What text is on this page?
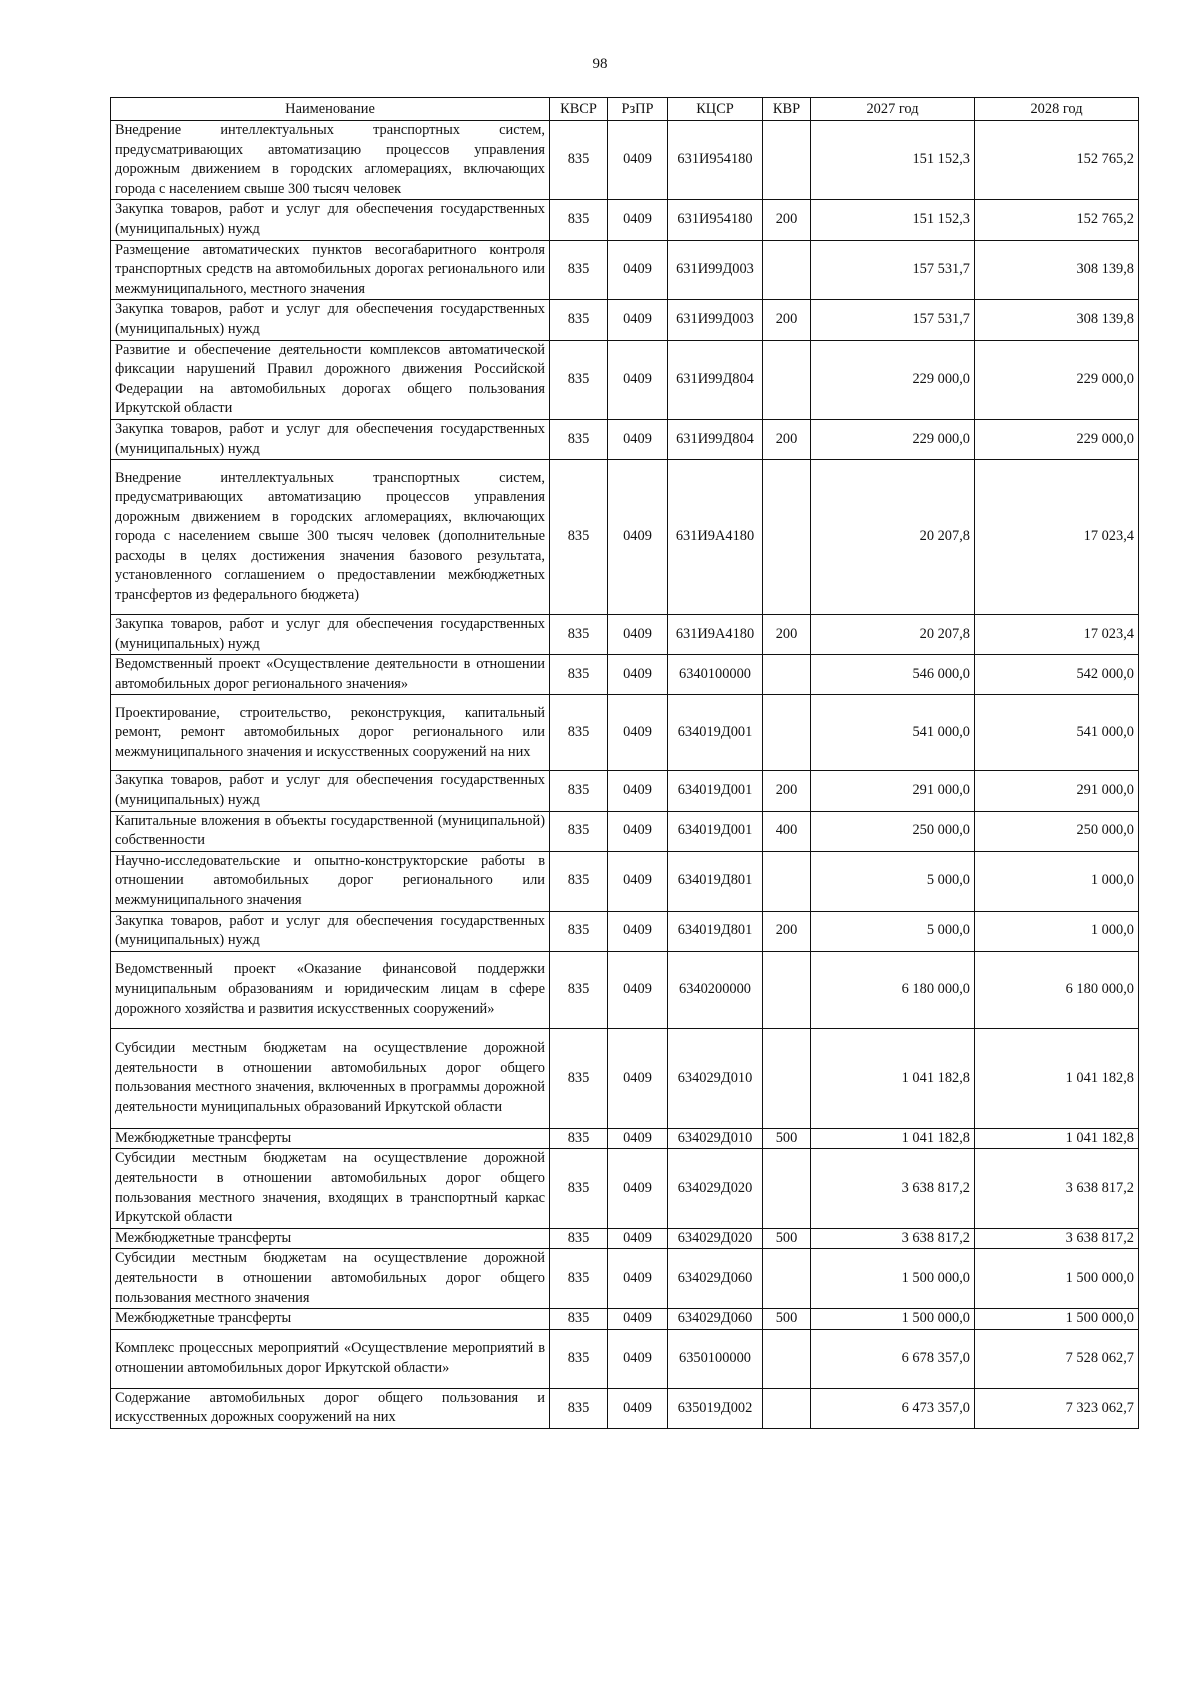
98
Наименование	КВСР	РзПР	КЦСР	КВР	2027 год	2028 год
Внедрение интеллектуальных транспортных систем, предусматривающих автоматизацию процессов управления дорожным движением в городских агломерациях, включающих города с населением свыше 300 тысяч человек	835	0409	631И954180		151 152,3	152 765,2
Закупка товаров, работ и услуг для обеспечения государственных (муниципальных) нужд	835	0409	631И954180	200	151 152,3	152 765,2
Размещение автоматических пунктов весогабаритного контроля транспортных средств на автомобильных дорогах регионального или межмуниципального, местного значения	835	0409	631И99Д003		157 531,7	308 139,8
Закупка товаров, работ и услуг для обеспечения государственных (муниципальных) нужд	835	0409	631И99Д003	200	157 531,7	308 139,8
Развитие и обеспечение деятельности комплексов автоматической фиксации нарушений Правил дорожного движения Российской Федерации на автомобильных дорогах общего пользования Иркутской области	835	0409	631И99Д804		229 000,0	229 000,0
Закупка товаров, работ и услуг для обеспечения государственных (муниципальных) нужд	835	0409	631И99Д804	200	229 000,0	229 000,0
Внедрение интеллектуальных транспортных систем, предусматривающих автоматизацию процессов управления дорожным движением в городских агломерациях, включающих города с населением свыше 300 тысяч человек (дополнительные расходы в целях достижения значения базового результата, установленного соглашением о предоставлении межбюджетных трансфертов из федерального бюджета)	835	0409	631И9А4180		20 207,8	17 023,4
Закупка товаров, работ и услуг для обеспечения государственных (муниципальных) нужд	835	0409	631И9А4180	200	20 207,8	17 023,4
Ведомственный проект «Осуществление деятельности в отношении автомобильных дорог регионального значения»	835	0409	6340100000		546 000,0	542 000,0
Проектирование, строительство, реконструкция, капитальный ремонт, ремонт автомобильных дорог регионального или межмуниципального значения и искусственных сооружений на них	835	0409	634019Д001		541 000,0	541 000,0
Закупка товаров, работ и услуг для обеспечения государственных (муниципальных) нужд	835	0409	634019Д001	200	291 000,0	291 000,0
Капитальные вложения в объекты государственной (муниципальной) собственности	835	0409	634019Д001	400	250 000,0	250 000,0
Научно-исследовательские и опытно-конструкторские работы в отношении автомобильных дорог регионального или межмуниципального значения	835	0409	634019Д801		5 000,0	1 000,0
Закупка товаров, работ и услуг для обеспечения государственных (муниципальных) нужд	835	0409	634019Д801	200	5 000,0	1 000,0
Ведомственный проект «Оказание финансовой поддержки муниципальным образованиям и юридическим лицам в сфере дорожного хозяйства и развития искусственных сооружений»	835	0409	6340200000		6 180 000,0	6 180 000,0
Субсидии местным бюджетам на осуществление дорожной деятельности в отношении автомобильных дорог общего пользования местного значения, включенных в программы дорожной деятельности муниципальных образований Иркутской области	835	0409	634029Д010		1 041 182,8	1 041 182,8
Межбюджетные трансферты	835	0409	634029Д010	500	1 041 182,8	1 041 182,8
Субсидии местным бюджетам на осуществление дорожной деятельности в отношении автомобильных дорог общего пользования местного значения, входящих в транспортный каркас Иркутской области	835	0409	634029Д020		3 638 817,2	3 638 817,2
Межбюджетные трансферты	835	0409	634029Д020	500	3 638 817,2	3 638 817,2
Субсидии местным бюджетам на осуществление дорожной деятельности в отношении автомобильных дорог общего пользования местного значения	835	0409	634029Д060		1 500 000,0	1 500 000,0
Межбюджетные трансферты	835	0409	634029Д060	500	1 500 000,0	1 500 000,0
Комплекс процессных мероприятий «Осуществление мероприятий в отношении автомобильных дорог Иркутской области»	835	0409	6350100000		6 678 357,0	7 528 062,7
Содержание автомобильных дорог общего пользования и искусственных дорожных сооружений на них	835	0409	635019Д002		6 473 357,0	7 323 062,7
